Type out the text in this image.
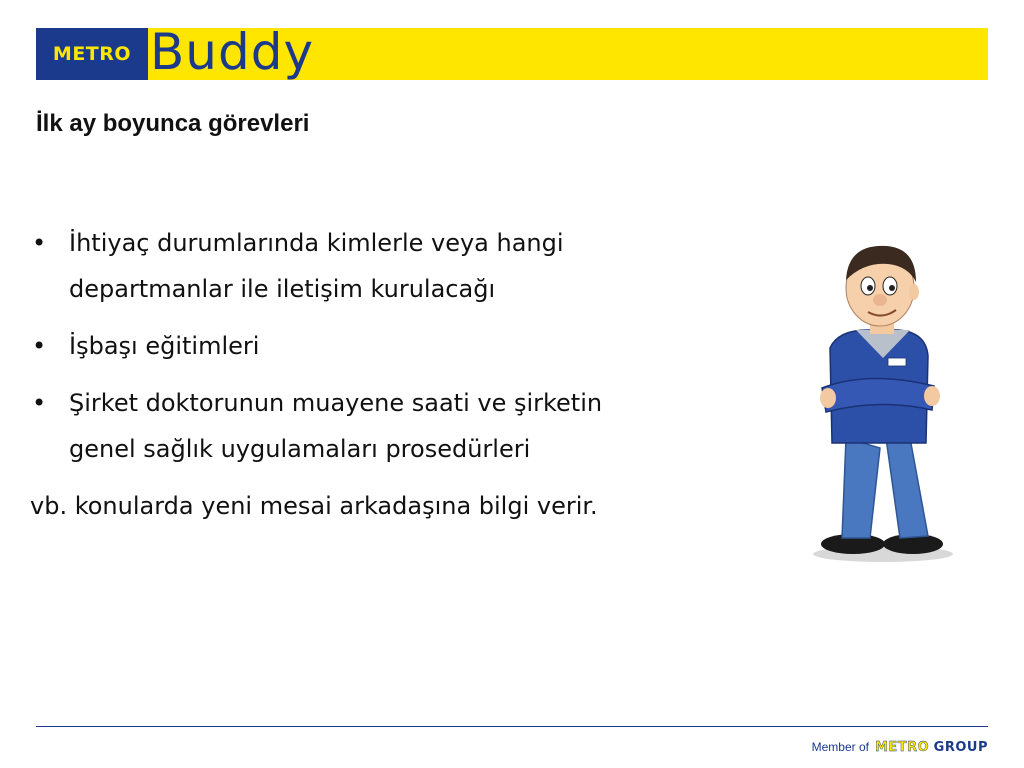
METRO Buddy
İlk ay boyunca görevleri
• İhtiyaç durumlarında kimlerle veya hangi
departmanlar ile iletişim kurulacağı
• İşbaşı eğitimleri
• Şirket doktorunun muayene saati ve şirketin
genel sağlık uygulamaları prosedürleri
vb. konularda yeni mesai arkadaşına bilgi verir.
Member of METRO GROUP
